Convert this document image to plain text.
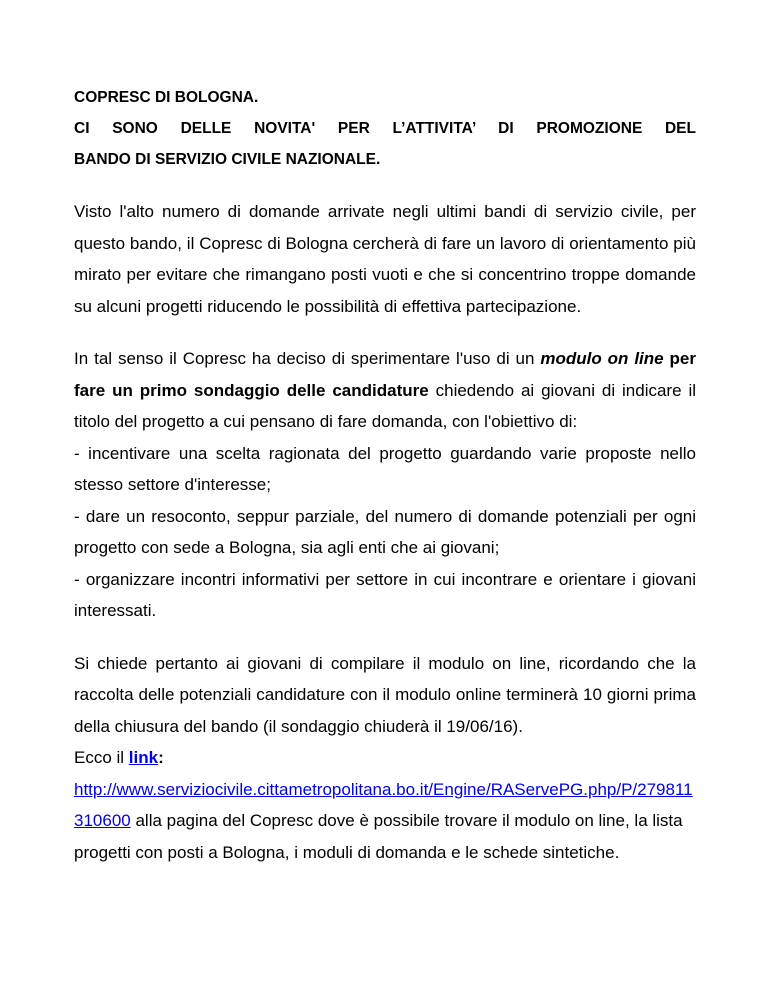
COPRESC DI BOLOGNA.
CI SONO DELLE NOVITA' PER L’ATTIVITA’ DI PROMOZIONE DEL
BANDO DI SERVIZIO CIVILE NAZIONALE.

Visto l'alto numero di domande arrivate negli ultimi bandi di servizio civile, per questo bando, il Copresc di Bologna cercherà di fare un lavoro di orientamento più mirato per evitare che rimangano posti vuoti e che si concentrino troppe domande su alcuni progetti riducendo le possibilità di effettiva partecipazione.

In tal senso il Copresc ha deciso di sperimentare l'uso di un modulo on line per fare un primo sondaggio delle candidature chiedendo ai giovani di indicare il titolo del progetto a cui pensano di fare domanda, con l'obiettivo di:

- incentivare una scelta ragionata del progetto guardando varie proposte nello stesso settore d'interesse;

- dare un resoconto, seppur parziale, del numero di domande potenziali per ogni progetto con sede a Bologna, sia agli enti che ai giovani;

- organizzare incontri informativi per settore in cui incontrare e orientare i giovani interessati.

Si chiede pertanto ai giovani di compilare il modulo on line, ricordando che la raccolta delle potenziali candidature con il modulo online terminerà 10 giorni prima della chiusura del bando (il sondaggio chiuderà il 19/06/16).

Ecco il link:

http://www.serviziocivile.cittametropolitana.bo.it/Engine/RAServePG.php/P/279811310600 alla pagina del Copresc dove è possibile trovare il modulo on line, la lista progetti con posti a Bologna, i moduli di domanda e le schede sintetiche.
